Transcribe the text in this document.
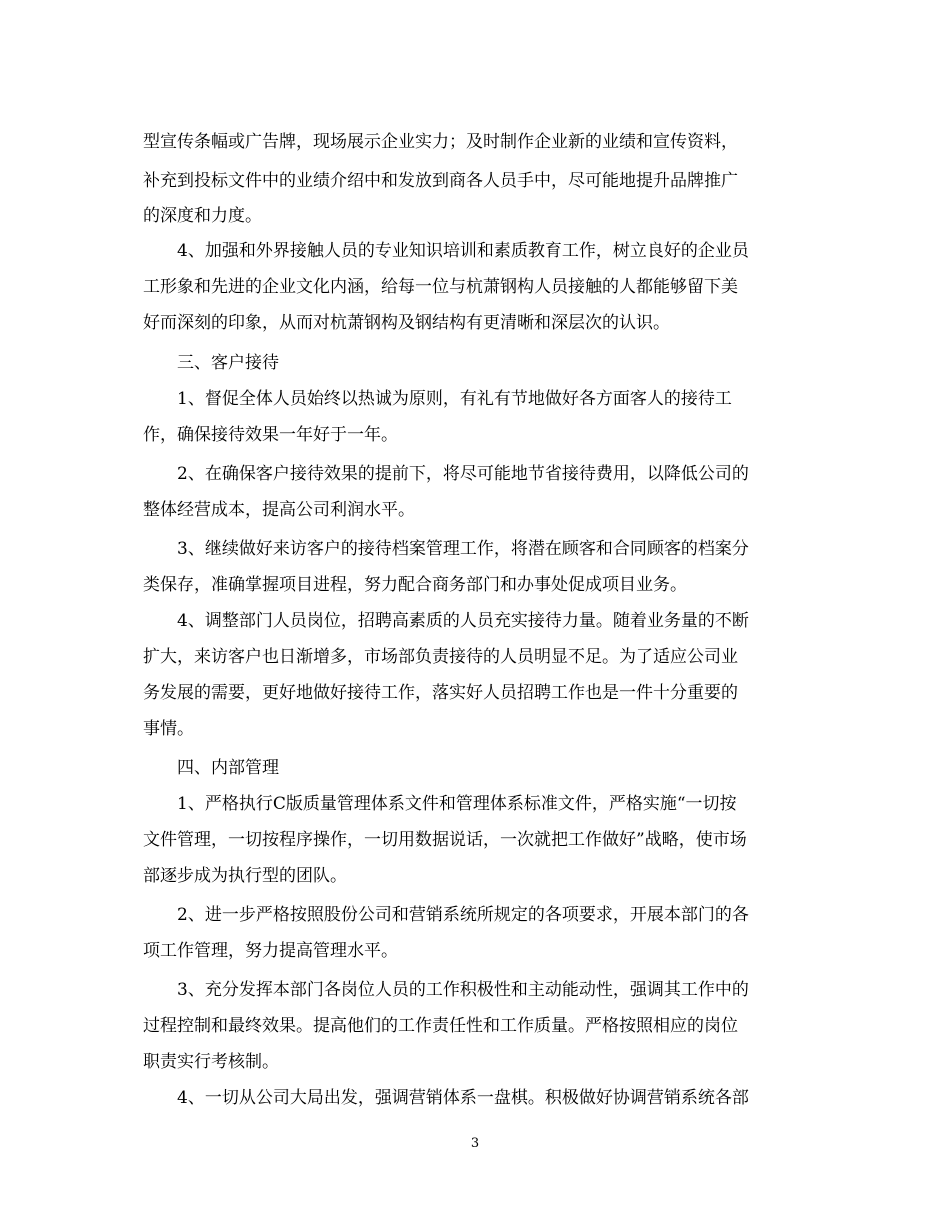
型宣传条幅或广告牌，现场展示企业实力；及时制作企业新的业绩和宣传资料，
补充到投标文件中的业绩介绍中和发放到商各人员手中，尽可能地提升品牌推广
的深度和力度。
4、加强和外界接触人员的专业知识培训和素质教育工作，树立良好的企业员
工形象和先进的企业文化内涵，给每一位与杭萧钢构人员接触的人都能够留下美
好而深刻的印象，从而对杭萧钢构及钢结构有更清晰和深层次的认识。
三、客户接待
1、督促全体人员始终以热诚为原则，有礼有节地做好各方面客人的接待工
作，确保接待效果一年好于一年。
2、在确保客户接待效果的提前下，将尽可能地节省接待费用，以降低公司的
整体经营成本，提高公司利润水平。
3、继续做好来访客户的接待档案管理工作，将潜在顾客和合同顾客的档案分
类保存，准确掌握项目进程，努力配合商务部门和办事处促成项目业务。
4、调整部门人员岗位，招聘高素质的人员充实接待力量。随着业务量的不断
扩大，来访客户也日渐增多，市场部负责接待的人员明显不足。为了适应公司业
务发展的需要，更好地做好接待工作，落实好人员招聘工作也是一件十分重要的
事情。
四、内部管理
1、严格执行C版质量管理体系文件和管理体系标准文件，严格实施“一切按
文件管理，一切按程序操作，一切用数据说话，一次就把工作做好”战略，使市场
部逐步成为执行型的团队。
2、进一步严格按照股份公司和营销系统所规定的各项要求，开展本部门的各
项工作管理，努力提高管理水平。
3、充分发挥本部门各岗位人员的工作积极性和主动能动性，强调其工作中的
过程控制和最终效果。提高他们的工作责任性和工作质量。严格按照相应的岗位
职责实行考核制。
4、一切从公司大局出发，强调营销体系一盘棋。积极做好协调营销系统各部
3
